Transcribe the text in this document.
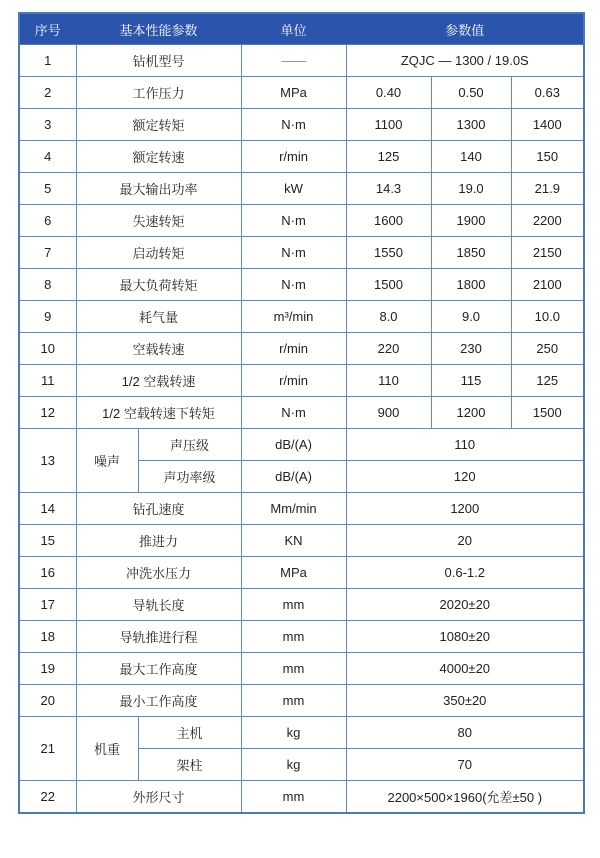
序号	基本性能参数		单位	参数值		
1	钻机型号		——	ZQJC — 1300 / 19.0S		
2	工作压力		MPa	0.40	0.50	0.63
3	额定转矩		N·m	1100	1300	1400
4	额定转速		r/min	125	140	150
5	最大输出功率		kW	14.3	19.0	21.9
6	失速转矩		N·m	1600	1900	2200
7	启动转矩		N·m	1550	1850	2150
8	最大负荷转矩		N·m	1500	1800	2100
9	耗气量		m³/min	8.0	9.0	10.0
10	空载转速		r/min	220	230	250
11	1/2 空载转速		r/min	110	115	125
12	1/2 空载转速下转矩		N·m	900	1200	1500
13	噪声	声压级	dB/(A)	110		
		声功率级	dB/(A)	120		
14	钻孔速度		Mm/min	1200		
15	推进力		KN	20		
16	冲洗水压力		MPa	0.6-1.2		
17	导轨长度		mm	2020±20		
18	导轨推进行程		mm	1080±20		
19	最大工作高度		mm	4000±20		
20	最小工作高度		mm	350±20		
21	机重	主机	kg	80		
		架柱	kg	70		
22	外形尺寸		mm	2200×500×1960(允差±50 )		
